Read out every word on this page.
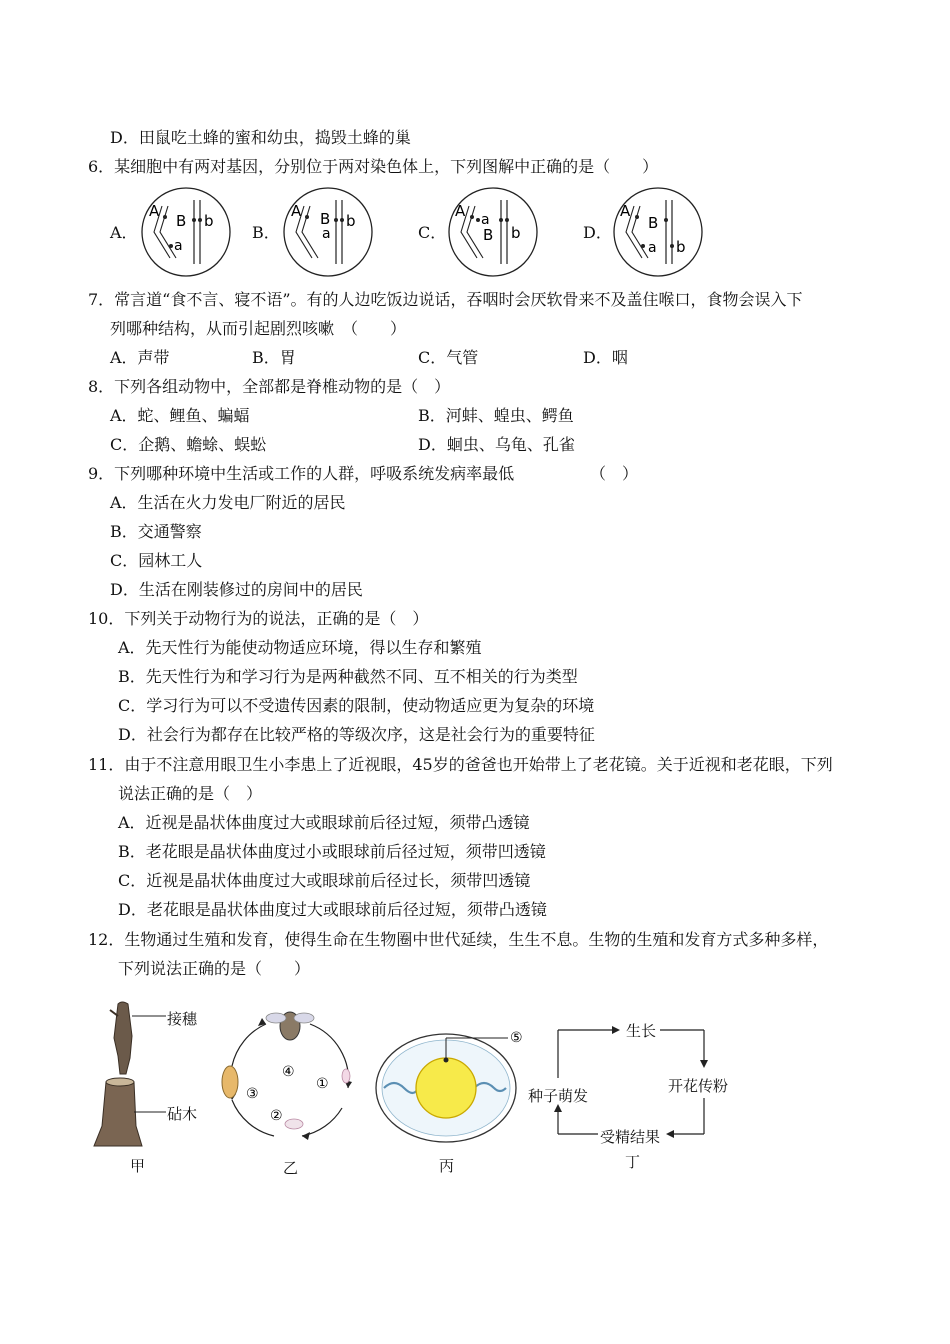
D．田鼠吃土蜂的蜜和幼虫，捣毁土蜂的巢
6．某细胞中有两对基因，分别位于两对染色体上，下列图解中正确的是（　　）
A．	B．	C．	D．
A
a
B b
A B
a
b
A a
B b
A
a
B
b
7．常言道“食不言、寝不语”。有的人边吃饭边说话，吞咽时会厌软骨来不及盖住喉口，食物会误入下
列哪种结构，从而引起剧烈咳嗽　（　　）
A．声带	B．胃	C．气管	D．咽
8．下列各组动物中，全部都是脊椎动物的是（　）
A．蛇、鲤鱼、蝙蝠	B．河蚌、蝗虫、鳄鱼
C．企鹅、蟾蜍、蜈蚣	D．蛔虫、乌龟、孔雀
9．下列哪种环境中生活或工作的人群，呼吸系统发病率最低	（　）
A．生活在火力发电厂附近的居民
B．交通警察
C．园林工人
D．生活在刚装修过的房间中的居民
10．下列关于动物行为的说法，正确的是（　）
A．先天性行为能使动物适应环境，得以生存和繁殖
B．先天性行为和学习行为是两种截然不同、互不相关的行为类型
C．学习行为可以不受遗传因素的限制，使动物适应更为复杂的环境
D．社会行为都存在比较严格的等级次序，这是社会行为的重要特征
11．由于不注意用眼卫生小李患上了近视眼，45岁的爸爸也开始带上了老花镜。关于近视和老花眼，下列
说法正确的是（　）
A．近视是晶状体曲度过大或眼球前后径过短，须带凸透镜
B．老花眼是晶状体曲度过小或眼球前后径过短，须带凹透镜
C．近视是晶状体曲度过大或眼球前后径过长，须带凹透镜
D．老花眼是晶状体曲度过大或眼球前后径过短，须带凸透镜
12．生物通过生殖和发育，使得生命在生物圈中世代延续，生生不息。生物的生殖和发育方式多种多样，
下列说法正确的是（　　）
接穗
砧木
甲
④
①
②
③
乙
⑤
丙
生长
开花传粉
受精结果
种子萌发
丁
